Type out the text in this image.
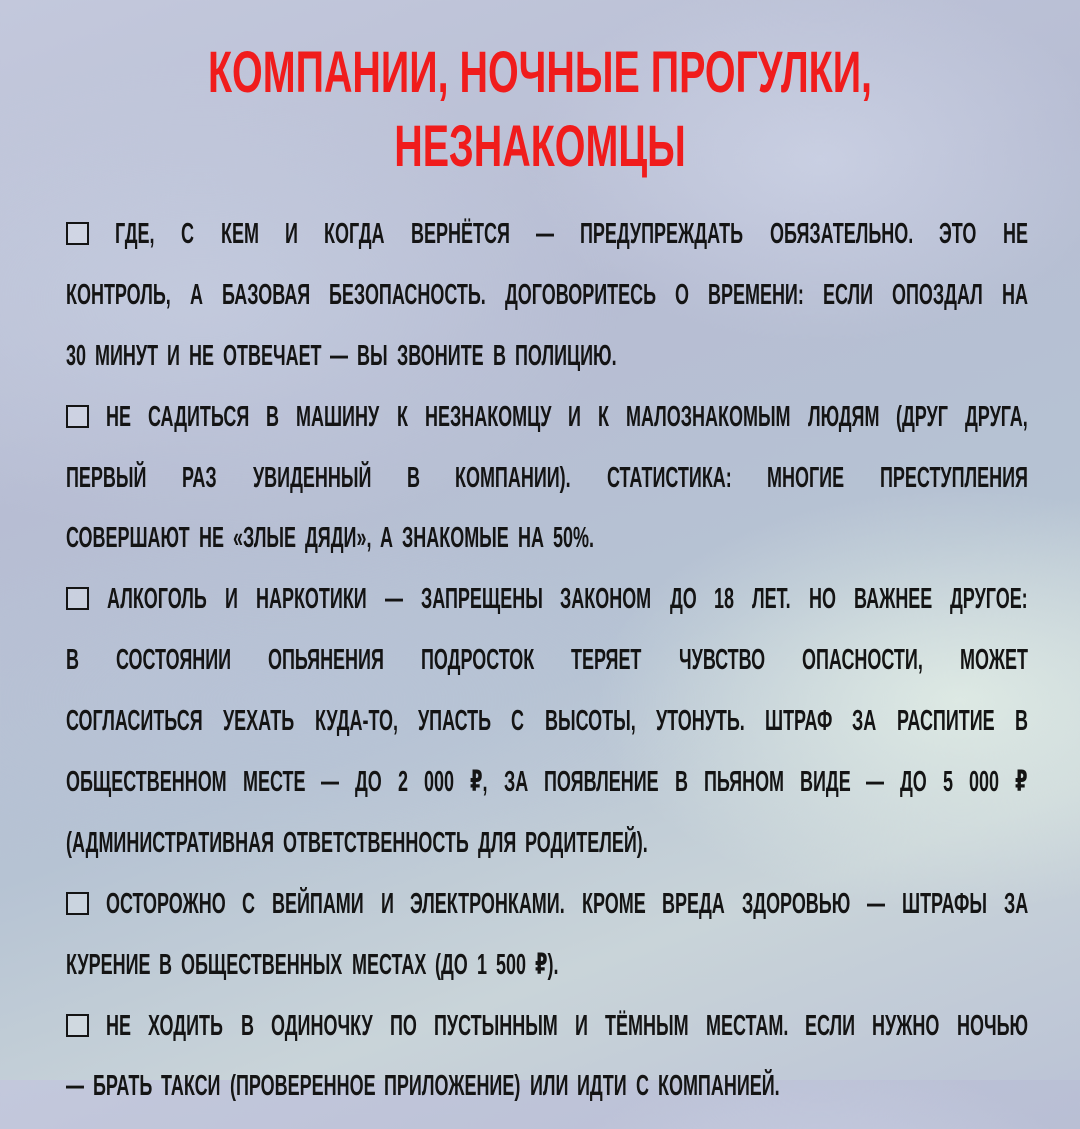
КОМПАНИИ, НОЧНЫЕ ПРОГУЛКИ,
НЕЗНАКОМЦЫ
ГДЕ, С КЕМ И КОГДА ВЕРНЁТСЯ — ПРЕДУПРЕЖДАТЬ ОБЯЗАТЕЛЬНО. ЭТО НЕ
КОНТРОЛЬ, А БАЗОВАЯ БЕЗОПАСНОСТЬ. ДОГОВОРИТЕСЬ О ВРЕМЕНИ: ЕСЛИ ОПОЗДАЛ НА
30 МИНУТ И НЕ ОТВЕЧАЕТ — ВЫ ЗВОНИТЕ В ПОЛИЦИЮ.
НЕ САДИТЬСЯ В МАШИНУ К НЕЗНАКОМЦУ И К МАЛОЗНАКОМЫМ ЛЮДЯМ (ДРУГ ДРУГА,
ПЕРВЫЙ РАЗ УВИДЕННЫЙ В КОМПАНИИ). СТАТИСТИКА: МНОГИЕ ПРЕСТУПЛЕНИЯ
СОВЕРШАЮТ НЕ «ЗЛЫЕ ДЯДИ», А ЗНАКОМЫЕ НА 50%.
АЛКОГОЛЬ И НАРКОТИКИ — ЗАПРЕЩЕНЫ ЗАКОНОМ ДО 18 ЛЕТ. НО ВАЖНЕЕ ДРУГОЕ:
В СОСТОЯНИИ ОПЬЯНЕНИЯ ПОДРОСТОК ТЕРЯЕТ ЧУВСТВО ОПАСНОСТИ, МОЖЕТ
СОГЛАСИТЬСЯ УЕХАТЬ КУДА-ТО, УПАСТЬ С ВЫСОТЫ, УТОНУТЬ. ШТРАФ ЗА РАСПИТИЕ В
ОБЩЕСТВЕННОМ МЕСТЕ — ДО 2 000 ₽, ЗА ПОЯВЛЕНИЕ В ПЬЯНОМ ВИДЕ — ДО 5 000 ₽
(АДМИНИСТРАТИВНАЯ ОТВЕТСТВЕННОСТЬ ДЛЯ РОДИТЕЛЕЙ).
ОСТОРОЖНО С ВЕЙПАМИ И ЭЛЕКТРОНКАМИ. КРОМЕ ВРЕДА ЗДОРОВЬЮ — ШТРАФЫ ЗА
КУРЕНИЕ В ОБЩЕСТВЕННЫХ МЕСТАХ (ДО 1 500 ₽).
НЕ ХОДИТЬ В ОДИНОЧКУ ПО ПУСТЫННЫМ И ТЁМНЫМ МЕСТАМ. ЕСЛИ НУЖНО НОЧЬЮ
— БРАТЬ ТАКСИ (ПРОВЕРЕННОЕ ПРИЛОЖЕНИЕ) ИЛИ ИДТИ С КОМПАНИЕЙ.
